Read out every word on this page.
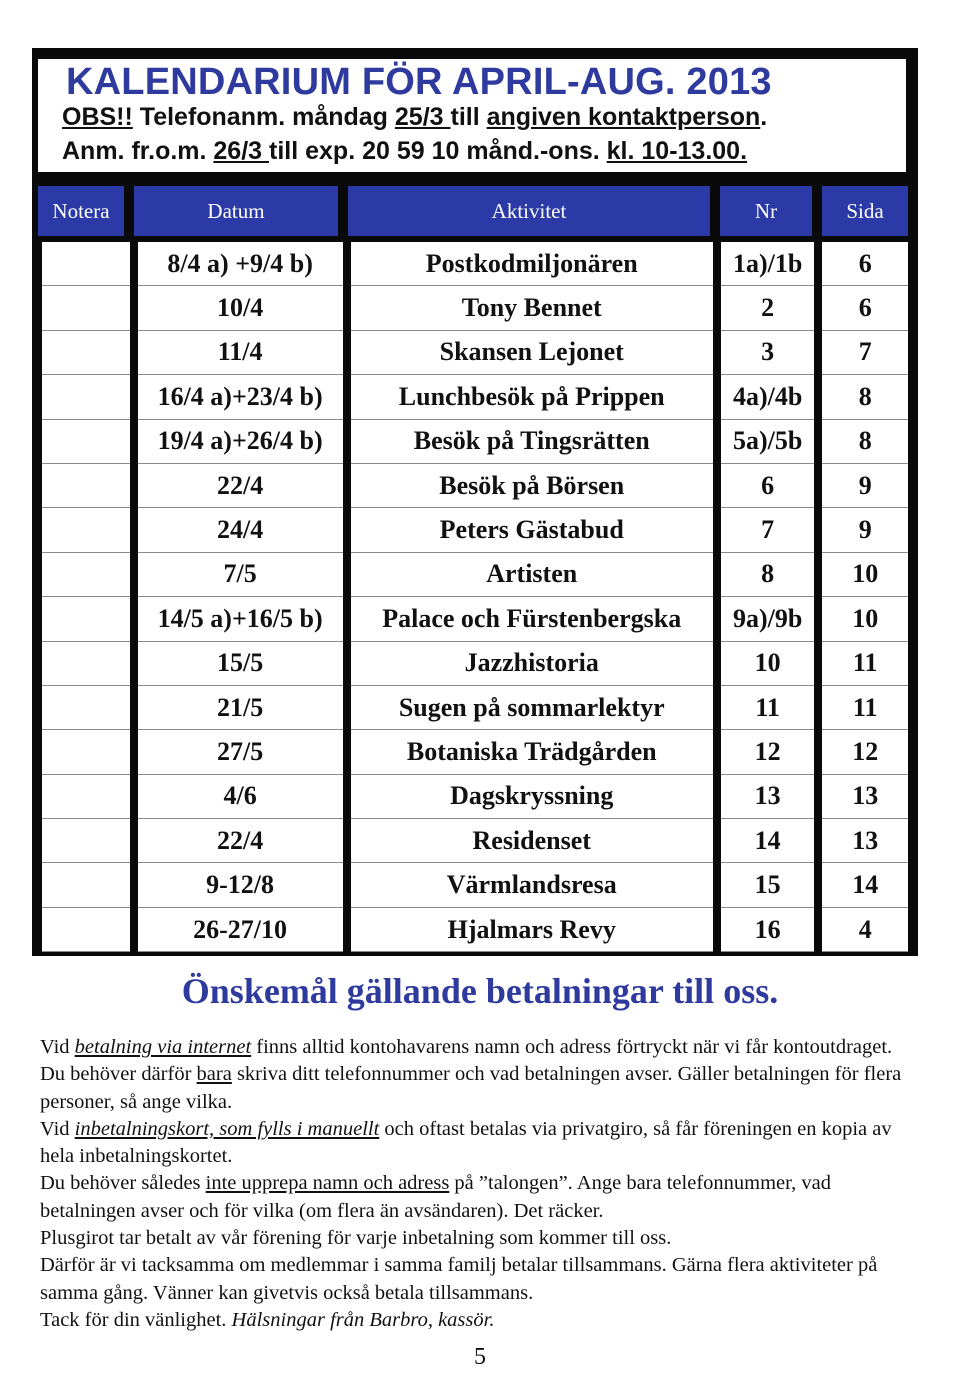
KALENDARIUM FÖR APRIL-AUG. 2013
OBS!! Telefonanm. måndag 25/3 till angiven kontaktperson.
Anm. fr.o.m. 26/3 till exp. 20 59 10 månd.-ons. kl. 10-13.00.
Notera	Datum	Aktivitet	Nr	Sida
8/4 a) +9/4 b)	Postkodmiljonären	1a)/1b	6
10/4	Tony Bennet	2	6
11/4	Skansen Lejonet	3	7
16/4 a)+23/4 b)	Lunchbesök på Prippen	4a)/4b	8
19/4 a)+26/4 b)	Besök på Tingsrätten	5a)/5b	8
22/4	Besök på Börsen	6	9
24/4	Peters Gästabud	7	9
7/5	Artisten	8	10
14/5 a)+16/5 b)	Palace och Fürstenbergska	9a)/9b	10
15/5	Jazzhistoria	10	11
21/5	Sugen på sommarlektyr	11	11
27/5	Botaniska Trädgården	12	12
4/6	Dagskryssning	13	13
22/4	Residenset	14	13
9-12/8	Värmlandsresa	15	14
26-27/10	Hjalmars Revy	16	4
Önskemål gällande betalningar till oss.

Vid betalning via internet finns alltid kontohavarens namn och adress förtryckt när vi får kontoutdraget. Du behöver därför bara skriva ditt telefonnummer och vad betalningen avser. Gäller betalningen för flera personer, så ange vilka.

Vid inbetalningskort, som fylls i manuellt och oftast betalas via privatgiro, så får föreningen en kopia av hela inbetalningskortet.

Du behöver således inte upprepa namn och adress på ”talongen”. Ange bara telefonnummer, vad betalningen avser och för vilka (om flera än avsändaren). Det räcker.

Plusgirot tar betalt av vår förening för varje inbetalning som kommer till oss.

Därför är vi tacksamma om medlemmar i samma familj betalar tillsammans. Gärna flera aktiviteter på samma gång. Vänner kan givetvis också betala tillsammans.

Tack för din vänlighet. Hälsningar från Barbro, kassör.

5
